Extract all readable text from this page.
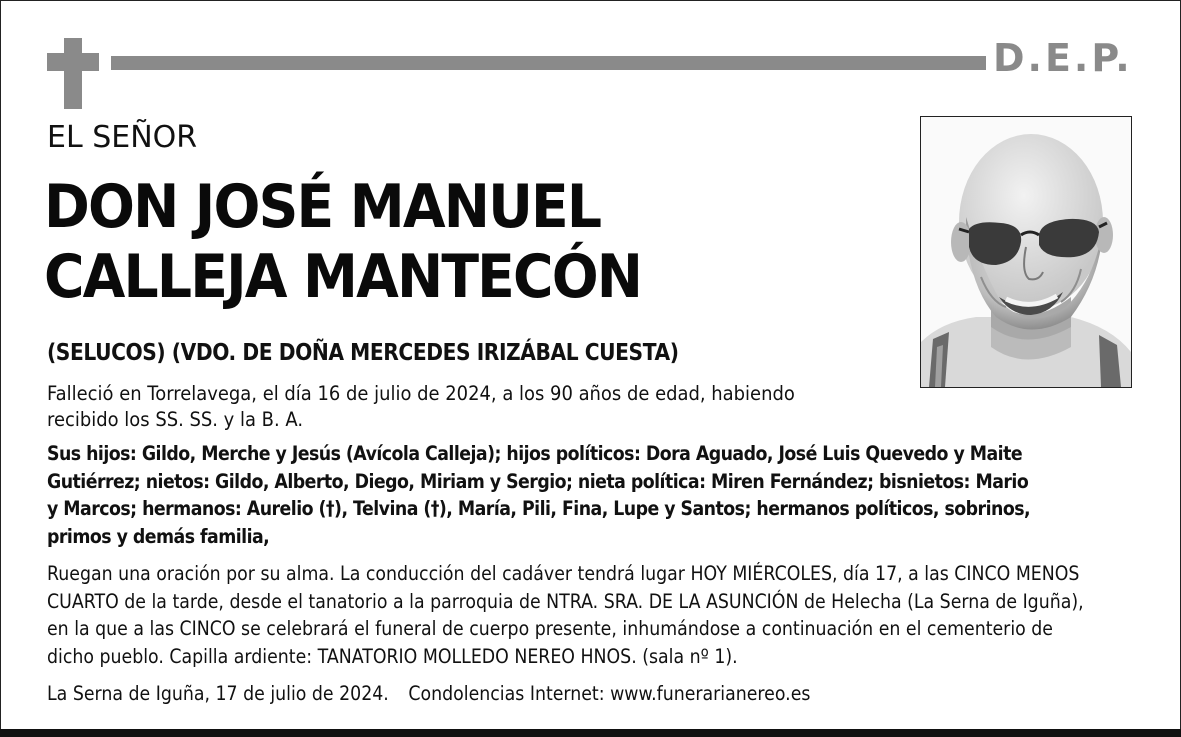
D.E.P.
EL SEÑOR
DON JOSÉ MANUEL
CALLEJA MANTECÓN
(SELUCOS) (VDO. DE DOÑA MERCEDES IRIZÁBAL CUESTA)
Falleció en Torrelavega, el día 16 de julio de 2024, a los 90 años de edad, habiendo recibido los SS. SS. y la B. A.
Sus hijos: Gildo, Merche y Jesús (Avícola Calleja); hijos políticos: Dora Aguado, José Luis Quevedo y Maite Gutiérrez; nietos: Gildo, Alberto, Diego, Miriam y Sergio; nieta política: Miren Fernández; bisnietos: Mario y Marcos; hermanos: Aurelio (†), Telvina (†), María, Pili, Fina, Lupe y Santos; hermanos políticos, sobrinos, primos y demás familia,
Ruegan una oración por su alma. La conducción del cadáver tendrá lugar HOY MIÉRCOLES, día 17, a las CINCO MENOS CUARTO de la tarde, desde el tanatorio a la parroquia de NTRA. SRA. DE LA ASUNCIÓN de Helecha (La Serna de Iguña), en la que a las CINCO se celebrará el funeral de cuerpo presente, inhumándose a continuación en el cementerio de dicho pueblo. Capilla ardiente: TANATORIO MOLLEDO NEREO HNOS. (sala nº 1).
La Serna de Iguña, 17 de julio de 2024. Condolencias Internet: www.funerarianereo.es
